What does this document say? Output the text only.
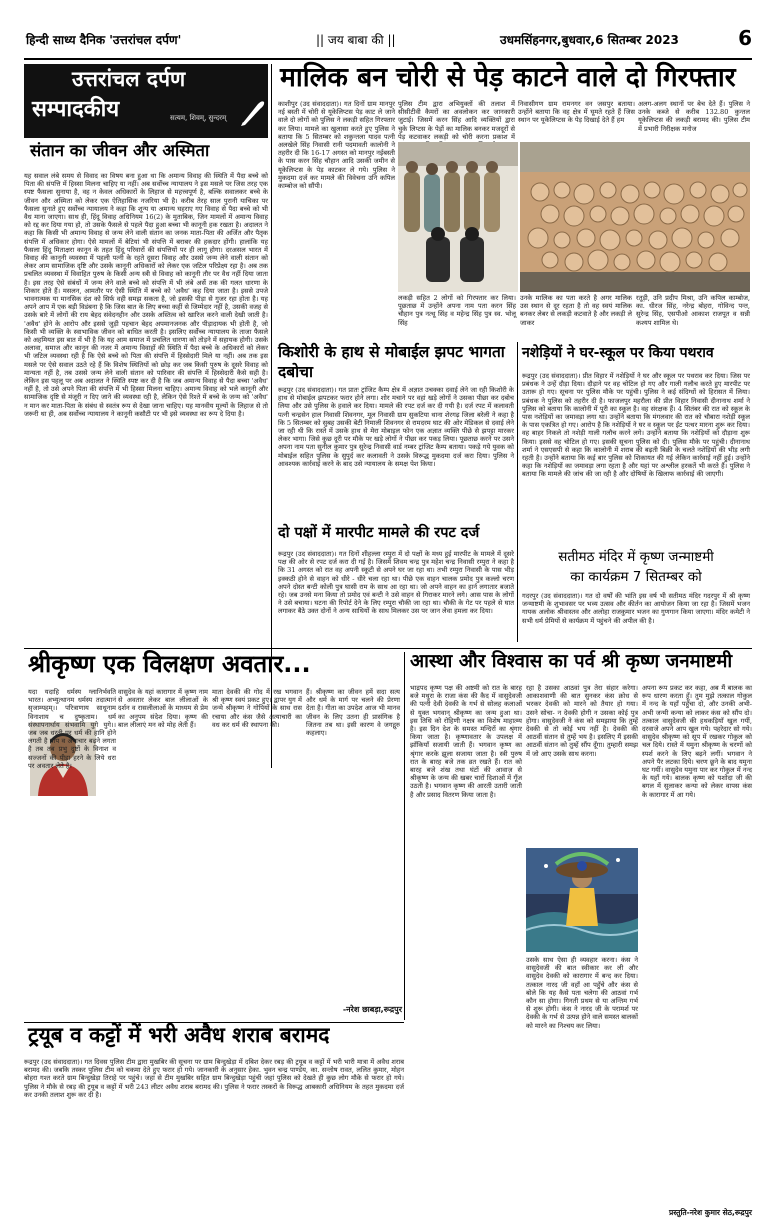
हिन्दी साध्य दैनिक 'उत्तरांचल दर्पण'	|| जय बाबा की ||	उधमसिंहनगर,बुधवार,6 सितम्बर 2023	6
उत्तरांचल दर्पण
सम्पादकीय	सत्यम, शिवम्, सुन्दरम्
संतान का जीवन और अस्मिता
यह सवाल लंबे समय से विवाद का विषय बना हुआ था कि अमान्य विवाह की स्थिति में पैदा बच्चे को पिता की संपत्ति में हिस्सा मिलना चाहिए या नहीं। अब सर्वोच्च न्यायालय ने इस मसले पर जिस तरह एक स्पष्ट फैसला सुनाया है, वह न केवल अधिकारों के लिहाज से महत्त्वपूर्ण है, बल्कि सवालकर बच्चे के जीवन और अस्मिता को लेकर एक ऐतिहासिक नजरिया भी है। करीब तेरह साल पुरानी याचिका पर फैसला सुनाते हुए सर्वोच्च न्यायालय ने कहा कि शून्य या अमान्य घहराए गए विवाह से पैदा बच्चे को भी वैध माना जाएगा। साथ ही, हिंदू विवाह अधिनियम 16(2) के मुताबिक, जिन मामलों में अमान्य विवाह को रद्द कर दिया गया हो, तो उसके फैसले से पहले पैदा हुआ बच्चा भी कानूनी हक रखता है। अदालत ने कहा कि किसी भी अमान्य विवाह से जन्म लेने वाली संतान का जनक माता-पिता की अर्जित और पैतृक संपत्ति में अधिकार होगा। ऐसे मामलों में बेटियां भी संपत्ति में बराबर की हकदार होंगी। हालांकि यह फैसला हिंदू मिताक्षरा कानून के तहत हिंदू परिवारों की संपत्तियों पर ही लागू होगा। दरअसल भारत में विवाह की कानूनी व्यवस्था में पहली पत्नी के रहते दूसरा विवाह और उससे जन्म लेने वाली संतान को लेकर आम सामाजिक दृष्टि और उसके कानूनी अधिकारों को लेकर एक जटिल परिप्रेक्ष्य रहा है। अब तक प्रचलित व्यवस्था में विवाहित पुरुष के किसी अन्य स्त्री से विवाह को कानूनी तौर पर वैध नहीं दिया जाता है। इस तरह ऐसे संबंधों में जन्म लेने वाले बच्चे को संपत्ति में भी लंबे अर्से तक की गलत धारणा के शिकार होते हैं। मसलन, आमतौर पर ऐसी स्थिति में बच्चे को 'अवैध' कह दिया जाता है। इससे उपजे भावनात्मक या मानसिक दंश को सिर्फ वही समझ सकता है, जो इसकी पीड़ा से गुजर रहा होता है। यह अपने आप में एक बड़ी विडंबना है कि जिस बात के लिए बच्चा कहीं से जिम्मेदार नहीं है, उसकी वजह से उसके बारे में लोगों की राय बेहद संवेदनहीन और उसके अस्तित्व को खारिज करने वाली देखी जाती है। 'अवैध' होने के आरोप और इससे जुड़ी पहचान बेहद अपमानजनक और पीड़ादायक भी होती है, जो किसी भी व्यक्ति के स्वाभाविक जीवन को बाधित करती है। इसलिए सर्वोच्च न्यायालय के ताजा फैसले को अहमियत इस बात में भी है कि यह आम समाज में प्रचलित धारणा को तोड़ने में सहायक होगी। उसके अलावा, समाज और कानून की नजर में अमान्य विवाहों की स्थिति में पैदा बच्चे के अधिकारों को लेकर भी जटिल व्यवस्था रही है कि ऐसे बच्चे को पिता की संपत्ति में हिस्सेदारी मिले या नहीं। अब तक इस मसले पर ऐसे सवाल उठते रहे हैं कि विशेष स्थितियों को छोड़ कर जब किसी पुरुष के दूसरे विवाह को मान्यता नहीं है, तब उससे जन्म लेने वाली संतान को पारिवार की संपत्ति में हिस्सेदारी कैसे सही है। लेकिन इस पहलू पर अब अदालत ने स्थिति स्पष्ट कर दी है कि जब अमान्य विवाह से पैदा बच्चा 'अवैध' नहीं है, तो उसे अपने पिता की संपत्ति में भी हिस्सा मिलना चाहिए। अमान्य विवाह को भले कानूनी और सामाजिक दृष्टि से मंजूरी न दिए जाने की व्यवस्था रही है, लेकिन ऐसे रिश्ते में बच्चे के जन्म को 'अवैध' न मान कर माता-पिता के संबंध से स्वतंत्र रूप से देखा जाना चाहिए। यह मानवीय मूल्यों के लिहाज से तो जरूरी था ही, अब सर्वोच्च न्यायालय ने कानूनी कसौटी पर भी इसे व्यवस्था का रूप दे दिया है।
मालिक बन चोरी से पेड़ काटने वाले दो गिरफ्तार
काशीपुर (उद संवाददाता)। गत दिनों ग्राम मानपुर नई बस्ती में चोरी से यूकेलिप्टस पेड़ काट ले जाने वाले दो लोगों को पुलिस ने लकड़ी सहित गिरफ्तार कर लिया। मामले का खुलासा करते हुए पुलिस ने बताया कि 5 सितम्बर को शकुन्तला यादव पत्नी अलखेले सिंह निवासी रानी पदमावती कालोनी ने तहरीर दी कि 16-17 अगस्त को मानपुर नईबस्ती के पास करन सिंह चौहान आदि उसकी जमीन से यूकेलिप्टस के पेड़ काटकर ले गये। पुलिस ने मुकदमा दर्ज कर मामले की विवेचना उनि कपिल काम्बोज को सौंपी।
पुलिस टीम द्वारा अभियुक्तों की तलाश में सीसीटीवी कैमरों का अवलोकन कर जानकारी जुटाई। जिसमें करन सिंह आदि व्यक्तियों द्वारा चुके लिप्टस के पेड़ों का मालिक बनकर मजदूरों से पेड़ कटवाकर लकड़ी को चोरी करना प्रकाश में
निवासीगण ग्राम रामनगर वन जसपुर बताया। उन्होंने बताया कि वह क्षेत्र में घूमते रहते हैं जिस स्थान पर यूकेलिप्टस के पेड़ दिखाई देते हैं हम
अलग-अलग स्थानों पर बेच देते हैं। पुलिस ने उनके कब्जे से करीब 132.80 कुन्तल यूकेलिप्टस की लकड़ी बरामद की। पुलिस टीम में प्रभारी निरीक्षक मनोज
लकड़ी सहित 2 लोगों को गिरफ्तार कर लिया। पूछताछ में उन्होंने अपना नाम पता करन सिंह चौहान पुत्र नत्थू सिंह व महेन्द्र सिंह पुत्र स्व. भोलू सिंह
उनके मालिक का पता करते है अगर मालिक उस स्थान से दूर रहता है तो वह स्वयं मालिक बनकर लेबर से लकड़ी कटवाते है और लकड़ी ले जाकर
रतूड़ी, उनि प्रदीप मिश्रा, उनि कपिल काम्बोज, का. धीरज सिंह, नरेन्द्र बोहरा, गोविन्द पन्त, सुरेन्द्र सिंह, एसपीओ आकाश राजपूत व सन्नी कश्यप शामिल थे।
किशोरी के हाथ से मोबाईल झपट भागता दबोचा
रूद्रपुर (उद संवाददाता)। गत प्रातः ट्रांजिट कैम्प क्षेत्र में अज्ञात उचक्का दवाई लेने जा रही किशोरी के हाथ से मोबाईल झपटकर फरार होने लगा। शोर मचाने पर वहां खड़े लोगों ने उसका पीछा कर दबोच लिया और उसे पुलिस के हवाले कर दिया। मामले की रपट दर्ज कर दी गयी है। दर्ज रपट में कलावती पत्नी चन्द्रसेन हाल निवासी शिवनगर, मूल निवासी ग्राम सुकटिया थाना शेरगढ़ जिला बरेली ने कहा है कि 5 सितम्बर को सुबह उसकी बेटी निमाली शिवनगर से रामदरम घाट की ओर मेडिकल से दवाई लेने जा रही थी कि रास्ते में उसके हाथ से मेरा मोबाइल फोन एक अज्ञात व्यक्ति पीछे से झपट्टा मारकर लेकर भागा। जिसे कुछ दूरी पर मौके पर खड़े लोगों ने पीछा कर पकड़ लिया। पूछताछ करने पर उसने अपना नाम पता सुनील कुमार पुत्र सुरेन्द्र निवासी वार्ड नम्बर ट्रांजिट कैम्प बताया। पकड़े गये युवक को मोबाईल सहित पुलिस के सुपुर्द कर कलावती ने उसके विरूद्ध मुकदमा दर्ज करा दिया। पुलिस ने आवश्यक कार्रवाई करने के बाद उसे न्यायालय के समक्ष पेश किया।
दो पक्षों में मारपीट मामले की रपट दर्ज
रूद्रपुर (उद संवाददाता)। गत दिनों शीहल्ला रम्पुरा में दो पक्षों के मध्य हुई मारपीट के मामले में दूसरे पक्ष की ओर से रपट दर्ज करा दी गई है। जिसमें शिवम चन्द्र पुत्र महेश चन्द्र निवासी रम्पुरा ने कहा है कि 31 अगस्त को रात वह अपनी स्कूटी से अपने घर जा रहा था। तभी रम्पुरा निवासी के पास भीड़ इक्कठी होने से वाहन को धीरे - धीरे चला रहा था। पीछे एक वाहन चालक प्रमोद पुत्र कल्लो चरण अपने दोस्त बन्टी कोली पुत्र घासी राम के साथ आ रहा था। जो अपने वाहन का हार्न लगातार बजाते रहे। जब उनसे मना किया तो प्रमोद एवं बन्टी ने उसे वाहन से गिराकर मारने लगे। आस पास के लोगों ने उसे बचाया। घटना की रिपोर्ट देने के लिए रम्पुरा चौकी जा रहा था। चौकी के गेट पर पहले से घात लगाकर बैठे उक्त दोनों ने अन्य साथियों के साथ मिलकर उस पर जान लेवा हमला कर दिया।
नशेड़ियों ने घर-स्कूल पर किया पथराव
रूद्रपुर (उद संवाददाता)। प्रीत विहार में नशेड़ियों ने घर और स्कूल पर पथराव कर दिया। जिस पर प्रबंधक ने उन्हें दौड़ा दिया। दौड़ाने पर वह चोटिल हो गए और गाली गलौच करते हुए मारपीट पर उतारू हो गए। सूचना पर पुलिस मौके पर पहुंची। पुलिस ने कई संदिग्धों को हिरासत में लिया। प्रबंधक ने पुलिस को तहरीर दी है। फाजलपुर महरौला की प्रीत विहार निवासी दीनानाथ शर्मा ने पुलिस को बताया कि कालोनी में पूरी का स्कूल है। वह संरक्षक हैं। 4 सितंबर की रात को स्कूल के पास नशेड़ियों का जमावड़ा लगा था। उन्होंने बताया कि मंगलवार की रात को चौबारा नशेड़ी स्कूल के पास एकत्रित हो गए। आरोप है कि नशेड़ियों ने घर व स्कूल पर ईंट पत्थर मारना शुरू कर दिया। वह बाहर निकले तो नशेड़ी गाली गलौच करने लगे। उन्होंने बताया कि नशेड़ियों को दौड़ाना शुरू किया। इससे वह चोटिल हो गए। इसकी सूचना पुलिस को दी। पुलिस मौके पर पहुंची। दीनानाथ शर्मा ने एसएसपी से कहा कि कालोनी में शराब की बढ़ती बिक्री के चलते नशेड़ियों की भीड़ लगी रहती है। उन्होंने बताया कि कई बार पुलिस को शिकायत की गई लेकिन कार्रवाई नहीं हुई। उन्होंने कहा कि नशेड़ियों का जमावड़ा लगा रहता है और यहां पर अश्लील हरकतें भी करते हैं। पुलिस ने बताया कि मामले की जांच की जा रही है और दोषियों के खिलाफ कार्रवाई की जाएगी।
सतीमठ मंदिर में कृष्ण जन्माष्टमी
का कार्यक्रम 7 सितम्बर को
गदरपुर (उद संवाददाता)। गत दो वर्षों की भांति इस वर्ष भी सतीमठ मंदिर गदरपुर में श्री कृष्ण जन्माष्टमी के शुभावसर पर भव्य उत्सव और कीर्तन का आयोजन किया जा रहा है। जिसमें भजन गायक अलोक श्रीवास्तव और अलोहा राजकुमार भजन का गुणगान किया जाएगा। मंदिर कमेटी ने सभी धर्म प्रेमियों से कार्यक्रम में पहुंचने की अपील की है।
श्रीकृष्ण एक विलक्षण अवतार...
यदा यदाहि धर्मस्य ग्लानिर्भवति भारत। अभ्युत्थानम धर्मस्य तदात्मानं सृजाम्यहम्।। परित्राणाय साधूनाम विनाशाय च दुष्कृताम। धर्म संस्थापनार्थाय संभवामि युगे युगे।। जब जब धरती पर धर्म की हानि होने लगती है पाप व अनाचार बढ़ने लगता है तब तब प्रभु दुष्टों के विनाश व सज्जनों की पीड़ा हरने के लिये धरा पर अवतार लेते है।
वासुदेव के यहां कारागार में कृष्ण नाम से अवतार लेकर बाल लीलाओं के दर्शन व रासलीलाओं के माध्यम से प्रेम का अनुपम संदेश दिया। कृष्ण की बाल लीलाएं मन को मोह लेती हैं।
माता देवकी की गोद में रख भगवान श्री कृष्ण स्वयं प्रकट हुए। द्वापर युग में जन्मे श्रीकृष्ण ने गोपियों के साथ रास रचाया और कंस जैसे अत्याचारी का वध कर धर्म की स्थापना की।
हैं। श्रीकृष्ण का जीवन हमें सदा सत्य और धर्म के मार्ग पर चलने की प्रेरणा देता है। गीता का उपदेश आज भी मानव जीवन के लिए उतना ही प्रासंगिक है जितना तब था। इसी कारण वे जगद्गुरु कहलाए।
-नरेश छाबड़ा,रूद्रपुर
ट्रयूब व कट्टों में भरी अवैध शराब बरामद
रूद्रपुर (उद संवाददाता)। गत दिवस पुलिस टीम द्वारा मुखबिर की सूचना पर ग्राम बिन्दुखेड़ा में दबिश देकर रबड़ की ट्रयूब व कट्टों में भरी भारी मात्रा में अवैध शराब बरामद की। जबकि तस्कर पुलिस टीम को चकमा देते हुए फरार हो गये। जानकारी के अनुसार हेका. भुवन चन्द्र पाण्डेय, का. सन्तोष रावत, ललित कुमार, मोहन बोहरा गश्त करते ग्राम बिन्दुखेड़ा तिराहे पर पहुंचे। जहां से टीम मुखबिर सहित ग्राम बिन्दुखेड़ा पहुंची जहां पुलिस को देखते ही कुछ लोग मौके से फरार हो गये। पुलिस ने मौके से रबड़ की ट्रयूब व कट्टों में भरी 243 लीटर अवैध शराब बरामद की। पुलिस ने फरार तस्करों के विरूद्ध आबकारी अधिनियम के तहत मुकदमा दर्ज कर उनकी तलाश शुरू कर दी है।
आस्था और विश्वास का पर्व श्री कृष्ण जनमाष्टमी
भाद्रपद कृष्ण पक्ष की अष्टमी को रात के बारह बजे मथुरा के राजा कंस की कैद में वासुदेवजी की पत्नी देवी देवकी के गर्भ से सोलह कलाओं से युक्त भगवान् श्रीकृष्ण का जन्म हुआ था। इस तिथि को रोहिणी नक्षत्र का विशेष माहात्म्य है। इस दिन देश के समस्त मन्दिरों का श्रृंगार किया जाता है। कृष्णावतार के उपलक्ष में झाँकियाँ सजायी जाती हैं। भगवान कृष्ण का श्रृंगार करके झूला सजाया जाता है। स्त्री पुरुष रात के बारह बजे तक व्रत रखते हैं। रात को बारह बजे शंख तथा घंटों की आवाज़ से श्रीकृष्ण के जन्म की खबर चारों दिशाओं में गूँज उठती है। भगवान कृष्ण की आरती उतारी जाती है और प्रसाद वितरण किया जाता है।
रहा है उसका आठवां पुत्र तेरा संहार करेगा। आकाशवाणी की बात सुनकर कंस क्रोध से भरकर देवकी को मारने को तैयार हो गया। उसने सोचा- न देवकी होगी न उसका कोई पुत्र होगा। वासुदेवजी ने कंस को समझाया कि तुम्हें देवकी से तो कोई भय नहीं है। देवकी की आठवीं संतान से तुम्हें भय है। इसलिए मैं इसकी आठवीं संतान को तुम्हें सौंप दूँगा। तुम्हारी समझ में जो आए उसके साथ करना।
उसके साथ ऐसा ही व्यवहार करना। कंस ने वासुदेवजी की बात स्वीकार कर ली और वासुदेव देवकी को कारागार में बन्द कर दिया। तत्काल नारद जी वहाँ आ पहुँचे और कंस से बोले कि यह कैसे पता चलेगा की आठवां गर्भ कौन सा होगा। गिनती प्रथम से या अन्तिम गर्भ से शुरू होगी। कंस ने नारद जी के परामर्श पर देवकी के गर्भ से उत्पन्न होने वाले समस्त बालकों को मारने का निश्चय कर लिया।
अपना रूप प्रकट कर कहा, अब मैं बालक का रूप धारण करता हूँ। तुम मुझे तत्काल गोकुल में नन्द के यहाँ पहुँचा दो, और उनकी अभी-अभी जन्मी कन्या को लाकर कंस को सौंप दो। तत्काल वासुदेवजी की हथकड़ियाँ खुल गयीं, दरवाजे अपने आप खुल गये। पहरेदार सो गये। वासुदेव श्रीकृष्ण को सूप में रखकर गोकुल को चल दिये। रास्ते में यमुना श्रीकृष्ण के चरणों को स्पर्श करने के लिए बढ़ने लगीं। भगवान ने अपने पैर लटका दिये। चरण छूने के बाद यमुना घट गयीं। वासुदेव यमुना पार कर गोकुल में नन्द के यहाँ गये। बालक कृष्ण को यशोदा जी की बगल में सुलाकर कन्या को लेकर वापस कंस के कारागार में आ गये।
प्रस्तुति-नरेश कुमार सेठ,रूद्रपुर
